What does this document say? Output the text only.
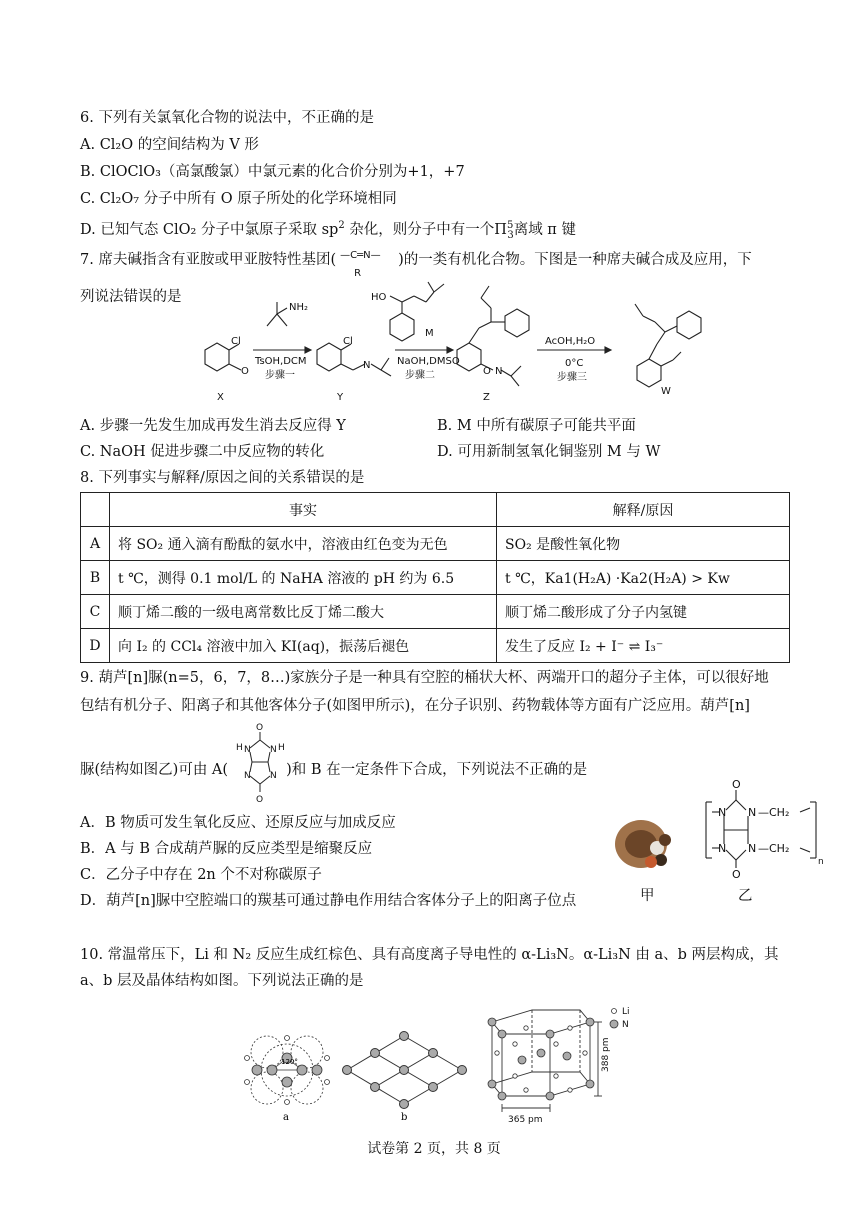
6. 下列有关氯氧化合物的说法中，不正确的是
A. Cl₂O 的空间结构为 V 形
B. ClOClO₃（高氯酸氯）中氯元素的化合价分别为+1，+7
C. Cl₂O₇ 分子中所有 O 原子所处的化学环境相同
D. 已知气态 ClO₂ 分子中氯原子采取 $sp^2$ 杂化，则分子中有一个$\Pi^5_3$离域 π 键
7. 席夫碱指含有亚胺或甲亚胺特性基团( —C═N—
R
)的一类有机化合物。下图是一种席夫碱合成及应用，下
列说法错误的是
Cl
O
NH₂
TsOH,DCM
步骤一
Cl
N
HO
M
NaOH,DMSO
步骤二	O N
AcOH,H₂O
0°C
步骤三
X	Y	Z
W
A. 步骤一先发生加成再发生消去反应得 Y	B. M 中所有碳原子可能共平面
C. NaOH 促进步骤二中反应物的转化	D. 可用新制氢氧化铜鉴别 M 与 W
8. 下列事实与解释/原因之间的关系错误的是
	事实	解释/原因
A	将 SO₂ 通入滴有酚酞的氨水中，溶液由红色变为无色	SO₂ 是酸性氧化物
B	t ℃，测得 0.1 mol/L 的 NaHA 溶液的 pH 约为 6.5	t ℃，Ka1(H₂A) ·Ka2(H₂A) > Kw
C	顺丁烯二酸的一级电离常数比反丁烯二酸大	顺丁烯二酸形成了分子内氢键
D	向 I₂ 的 CCl₄ 溶液中加入 KI(aq)，振荡后褪色	发生了反应 I₂ + I⁻ ⇌ I₃⁻
9. 葫芦[n]脲(n=5，6，7，8…)家族分子是一种具有空腔的桶状大杯、两端开口的超分子主体，可以很好地
包结有机分子、阳离子和其他客体分子(如图甲所示)，在分子识别、药物载体等方面有广泛应用。葫芦[n]
脲(结构如图乙)可由 A(	)和 B 在一定条件下合成，下列说法不正确的是
O
H N N H
N N
O
A．B 物质可发生氧化反应、还原反应与加成反应
B．A 与 B 合成葫芦脲的反应类型是缩聚反应
C．乙分子中存在 2n 个不对称碳原子
D．葫芦[n]脲中空腔端口的羰基可通过静电作用结合客体分子上的阳离子位点	甲
O
N N
N N
O
—CH₂
—CH₂
n
乙
10. 常温常压下，Li 和 N₂ 反应生成红棕色、具有高度离子导电性的 α-Li₃N。α-Li₃N 由 a、b 两层构成，其
a、b 层及晶体结构如图。下列说法正确的是
120°
a	b
Li
N
388 pm
365 pm
试卷第 2 页，共 8 页
